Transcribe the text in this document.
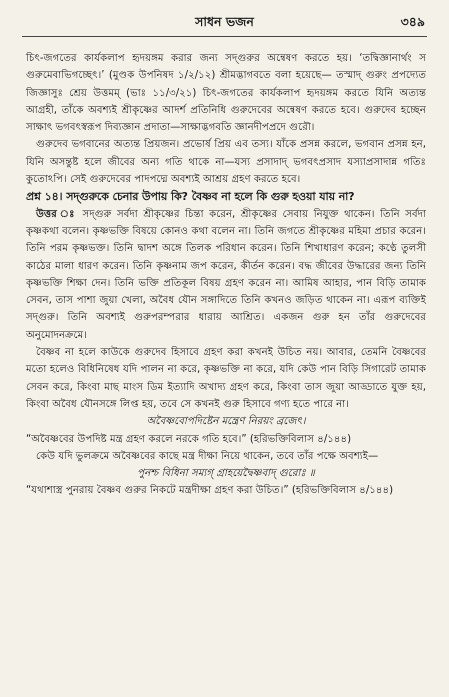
সাধন ভজন	৩৪৯

চিৎ-জগতের কার্যকলাপ হৃদয়ঙ্গম করার জন্য সদ্গুরুর অন্বেষণ করতে হয়। ‘তদ্বিজ্ঞানার্থং স গুরুমেবাভিগচ্ছেৎ।’ (মুণ্ডক উপনিষদ ১/২/১২) শ্রীমদ্ভাগবতে বলা হয়েছে— তস্মাদ্ গুরুং প্রপদ্যেত জিজ্ঞাসুঃ শ্রেয় উত্তমম্ (ভাঃ ১১/৩/২১) চিৎ-জগতের কার্যকলাপ হৃদয়ঙ্গম করতে যিনি অত্যন্ত আগ্রহী, তাঁকে অবশ্যই শ্রীকৃষ্ণের আদর্শ প্রতিনিধি গুরুদেবের অন্বেষণ করতে হবে। গুরুদেব হচ্ছেন সাক্ষাৎ ভগবৎস্বরূপ দিব্যজ্ঞান প্রদাতা—সাক্ষাদ্ভগবতি জ্ঞানদীপপ্রদে গুরৌ।

গুরুদেব ভগবানের অত্যন্ত প্রিয়জন। প্রভোর্ষ প্রিয় এব তস্য। যাঁকে প্রসন্ন করলে, ভগবান প্রসন্ন হন, যিনি অসন্তুষ্ট হলে জীবের অন্য গতি থাকে না—যস্য প্রসাদাদ্ ভগবৎপ্রসাদ যস্যাপ্রসাদান্ন গতিঃ কুতোঽপি। সেই গুরুদেবের পাদপদ্মে অবশ্যই আশ্রয় গ্রহণ করতে হবে।

প্রশ্ন ১৪। সদ্গুরুকে চেনার উপায় কি? বৈষ্ণব না হলে কি গুরু হওয়া যায় না?

উত্তর ঃ সদ্গুরু সর্বদা শ্রীকৃষ্ণের চিন্তা করেন, শ্রীকৃষ্ণের সেবায় নিযুক্ত থাকেন। তিনি সর্বদা কৃষ্ণকথা বলেন। কৃষ্ণভক্তি বিষয়ে কোনও কথা বলেন না। তিনি জগতে শ্রীকৃষ্ণের মহিমা প্রচার করেন। তিনি পরম কৃষ্ণভক্ত। তিনি দ্বাদশ অঙ্গে তিলক পরিধান করেন। তিনি শিখাধারণ করেন; কণ্ঠে তুলসী কাঠের মালা ধারণ করেন। তিনি কৃষ্ণনাম জপ করেন, কীর্তন করেন। বদ্ধ জীবের উদ্ধারের জন্য তিনি কৃষ্ণভক্তি শিক্ষা দেন। তিনি ভক্তি প্রতিকূল বিষয় গ্রহণ করেন না। আমিষ আহার, পান বিড়ি তামাক সেবন, তাস পাশা জুয়া খেলা, অবৈধ যৌন সঙ্গাদিতে তিনি কখনও জড়িত থাকেন না। এরূপ ব্যক্তিই সদ্গুরু। তিনি অবশ্যই গুরুপরম্পরার ধারায় আশ্রিত। একজন গুরু হন তাঁর গুরুদেবের অনুমোদনক্রমে।

বৈষ্ণব না হলে কাউকে গুরুদেব হিসাবে গ্রহণ করা কখনই উচিত নয়। আবার, তেমনি বৈষ্ণবের মতো হলেও বিধিনিষেধ যদি পালন না করে, কৃষ্ণভক্তি না করে, যদি কেউ পান বিড়ি সিগারেট তামাক সেবন করে, কিংবা মাছ মাংস ডিম ইত্যাদি অখাদ্য গ্রহণ করে, কিংবা তাস জুয়া আড্ডাতে যুক্ত হয়, কিংবা অবৈধ যৌনসঙ্গে লিপ্ত হয়, তবে সে কখনই গুরু হিসাবে গণ্য হতে পারে না।

অবৈষ্ণবোপদিষ্টেন মন্ত্রেণ নিরয়ং ব্রজেৎ।

“অবৈষ্ণবের উপদিষ্ট মন্ত্র গ্রহণ করলে নরকে গতি হবে।” (হরিভক্তিবিলাস ৪/১৪৪)

কেউ যদি ভুলক্রমে অবৈষ্ণবের কাছে মন্ত্র দীক্ষা নিয়ে থাকেন, তবে তাঁর পক্ষে অবশ্যই—

পুনশ্চ বিধিনা সম্যগ্ গ্রাহয়েদ্বৈষ্ণবাদ্ গুরোঃ ॥

“যথাশাস্ত্র পুনরায় বৈষ্ণব গুরুর নিকটে মন্ত্রদীক্ষা গ্রহণ করা উচিত।” (হরিভক্তিবিলাস ৪/১৪৪)
